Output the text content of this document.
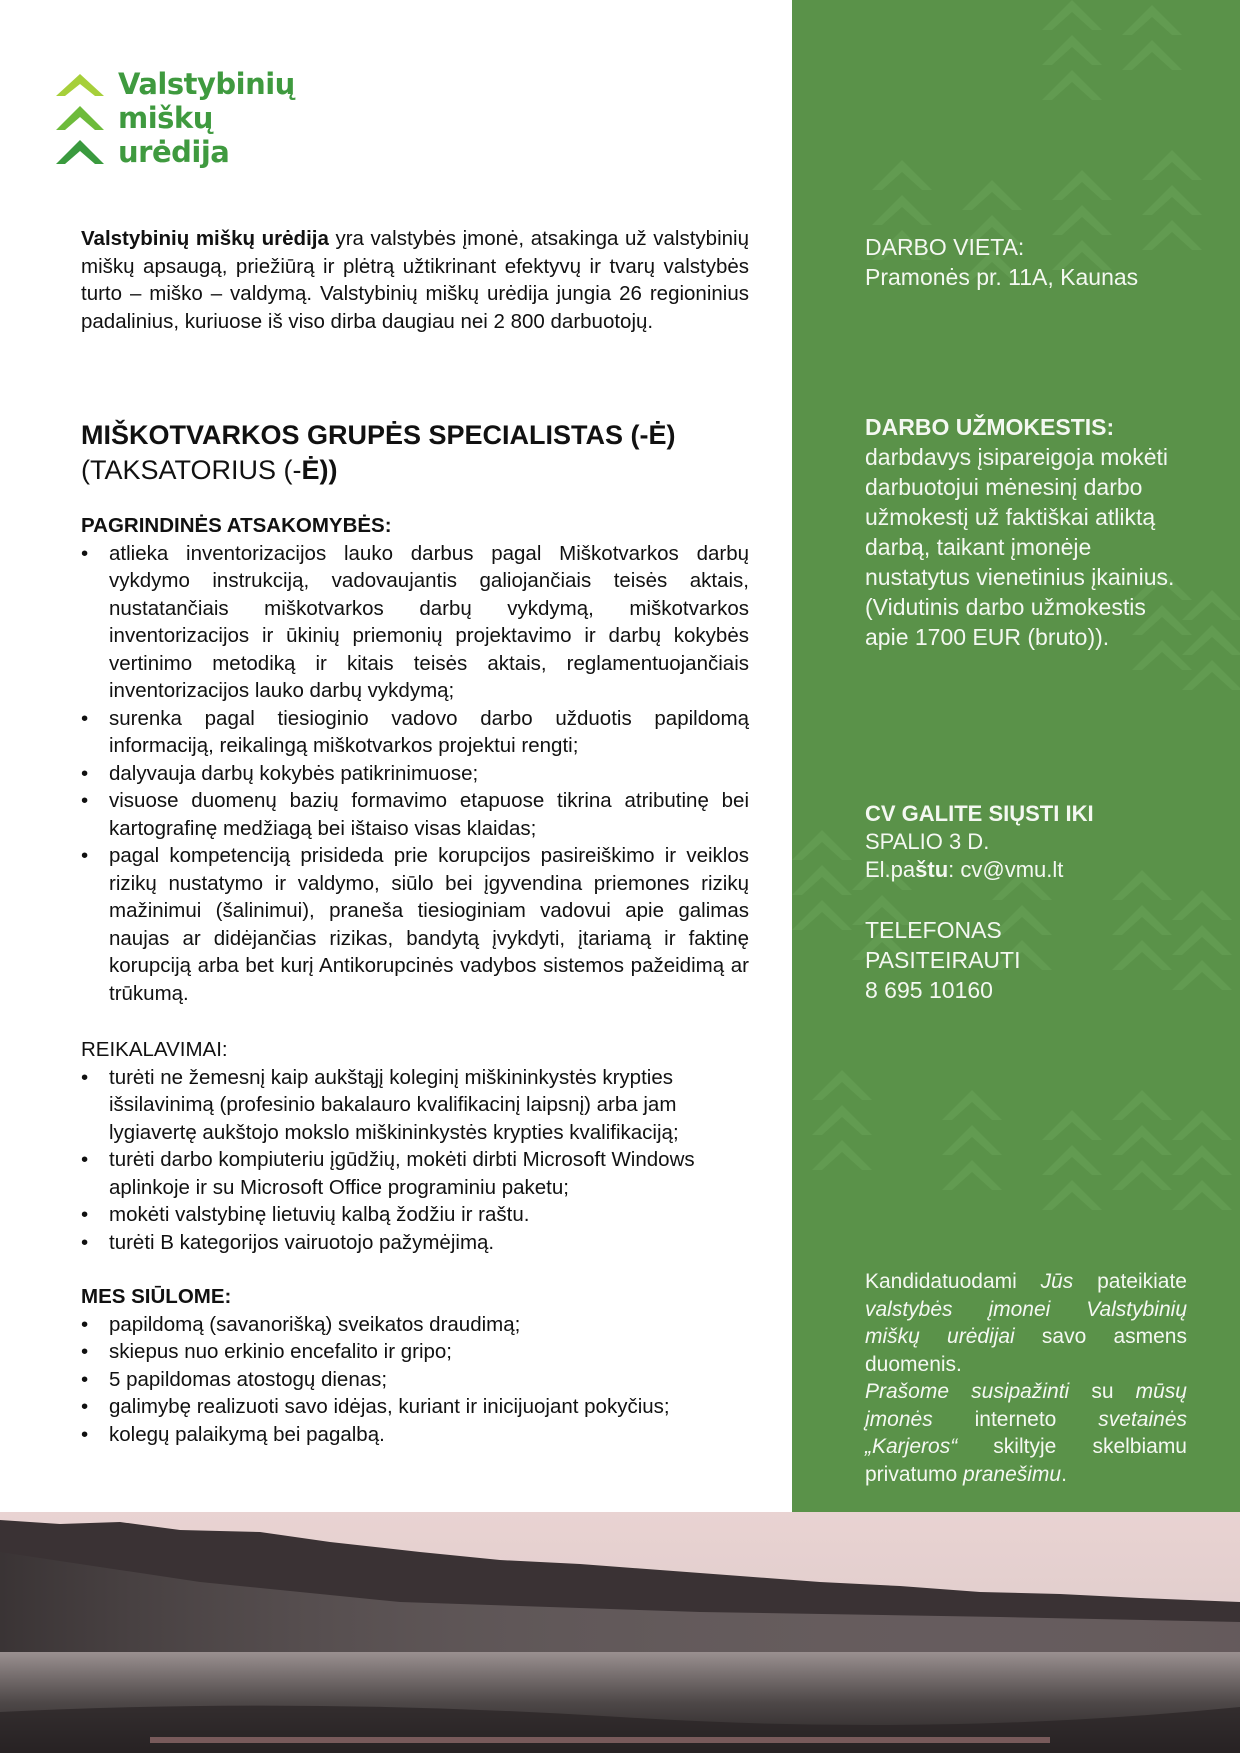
Valstybinių
miškų
urėdija
Valstybinių miškų urėdija yra valstybės įmonė, atsakinga už valstybinių miškų apsaugą, priežiūrą ir plėtrą užtikrinant efektyvų ir tvarų valstybės turto – miško – valdymą. Valstybinių miškų urėdija jungia 26 regioninius padalinius, kuriuose iš viso dirba daugiau nei 2 800 darbuotojų.
MIŠKOTVARKOS GRUPĖS SPECIALISTAS (-Ė)
(TAKSATORIUS (-Ė))
PAGRINDINĖS ATSAKOMYBĖS:
• atlieka inventorizacijos lauko darbus pagal Miškotvarkos darbų vykdymo instrukciją, vadovaujantis galiojančiais teisės aktais, nustatančiais miškotvarkos darbų vykdymą, miškotvarkos inventorizacijos ir ūkinių priemonių projektavimo ir darbų kokybės vertinimo metodiką ir kitais teisės aktais, reglamentuojančiais inventorizacijos lauko darbų vykdymą;
• surenka pagal tiesioginio vadovo darbo užduotis papildomą informaciją, reikalingą miškotvarkos projektui rengti;
• dalyvauja darbų kokybės patikrinimuose;
• visuose duomenų bazių formavimo etapuose tikrina atributinę bei kartografinę medžiagą bei ištaiso visas klaidas;
• pagal kompetenciją prisideda prie korupcijos pasireiškimo ir veiklos rizikų nustatymo ir valdymo, siūlo bei įgyvendina priemones rizikų mažinimui (šalinimui), praneša tiesioginiam vadovui apie galimas naujas ar didėjančias rizikas, bandytą įvykdyti, įtariamą ir faktinę korupciją arba bet kurį Antikorupcinės vadybos sistemos pažeidimą ar trūkumą.
REIKALAVIMAI:
• turėti ne žemesnį kaip aukštąjį koleginį miškininkystės krypties išsilavinimą (profesinio bakalauro kvalifikacinį laipsnį) arba jam lygiavertę aukštojo mokslo miškininkystės krypties kvalifikaciją;
• turėti darbo kompiuteriu įgūdžių, mokėti dirbti Microsoft Windows aplinkoje ir su Microsoft Office programiniu paketu;
• mokėti valstybinę lietuvių kalbą žodžiu ir raštu.
• turėti B kategorijos vairuotojo pažymėjimą.
MES SIŪLOME:
• papildomą (savanorišką) sveikatos draudimą;
• skiepus nuo erkinio encefalito ir gripo;
• 5 papildomas atostogų dienas;
• galimybę realizuoti savo idėjas, kuriant ir inicijuojant pokyčius;
• kolegų palaikymą bei pagalbą.
DARBO VIETA:
Pramonės pr. 11A, Kaunas
DARBO UŽMOKESTIS:
darbdavys įsipareigoja mokėti darbuotojui mėnesinį darbo užmokestį už faktiškai atliktą darbą, taikant įmonėje nustatytus vienetinius įkainius. (Vidutinis darbo užmokestis apie 1700 EUR (bruto)).
CV GALITE SIŲSTI IKI
SPALIO 3 D.
El.paštu: cv@vmu.lt
TELEFONAS
PASITEIRAUTI
8 695 10160
Kandidatuodami Jūs pateikiate valstybės įmonei Valstybinių miškų urėdijai savo asmens duomenis.
Prašome susipažinti su mūsų įmonės interneto svetainės „Karjeros“ skiltyje skelbiamu privatumo pranešimu.
